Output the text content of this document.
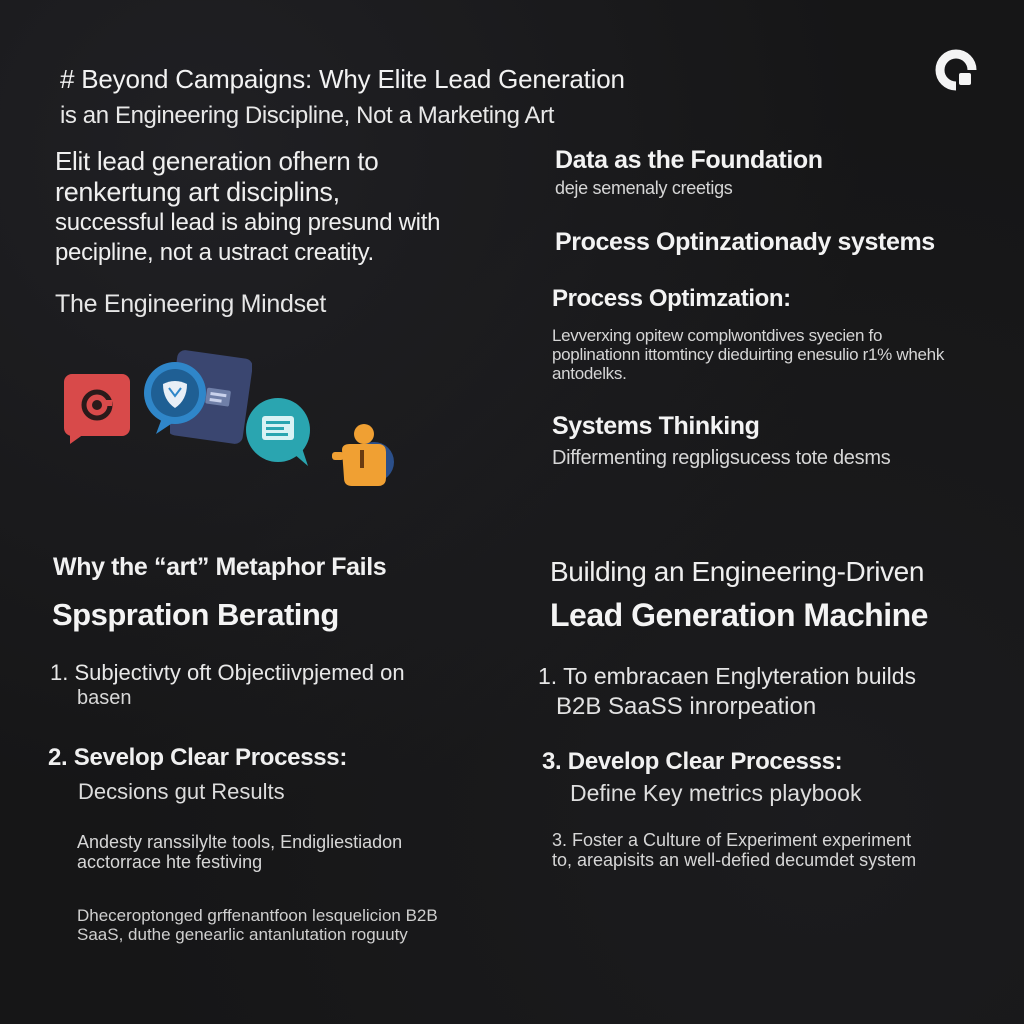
# Beyond Campaigns: Why Elite Lead Generation
is an Engineering Discipline, Not a Marketing Art
Elit lead generation ofhern to
renkertung art disciplins,
successful lead is abing presund with
pecipline, not a ustract creatity.
The Engineering Mindset
Data as the Foundation
deje semenaly creetigs
Process Optinzationady systems
Process Optimzation:
Levverxing opitew complwontdives syecien fo poplinationn ittomtincy dieduirting enesulio r1% whehk antodelks.
Systems Thinking
Differmenting regpligsucess tote desms
Why the “art” Metaphor Fails
Spspration Berating
1. Subjectivty oft Objectiivpjemed on
basen
2. Sevelop Clear Processs:
Decsions gut Results
Andesty ranssilylte tools, Endigliestiadon acctorrace hte festiving
Dheceroptonged grffenantfoon lesquelicion B2B SaaS, duthe genearlic antanlutation roguuty
Building an Engineering-Driven
Lead Generation Machine
1. To embracaen Englyteration builds
B2B SaaSS inrorpeation
3. Develop Clear Processs:
Define Key metrics playbook
3. Foster a Culture of Experiment experiment to, areapisits an well-defied decumdet system
